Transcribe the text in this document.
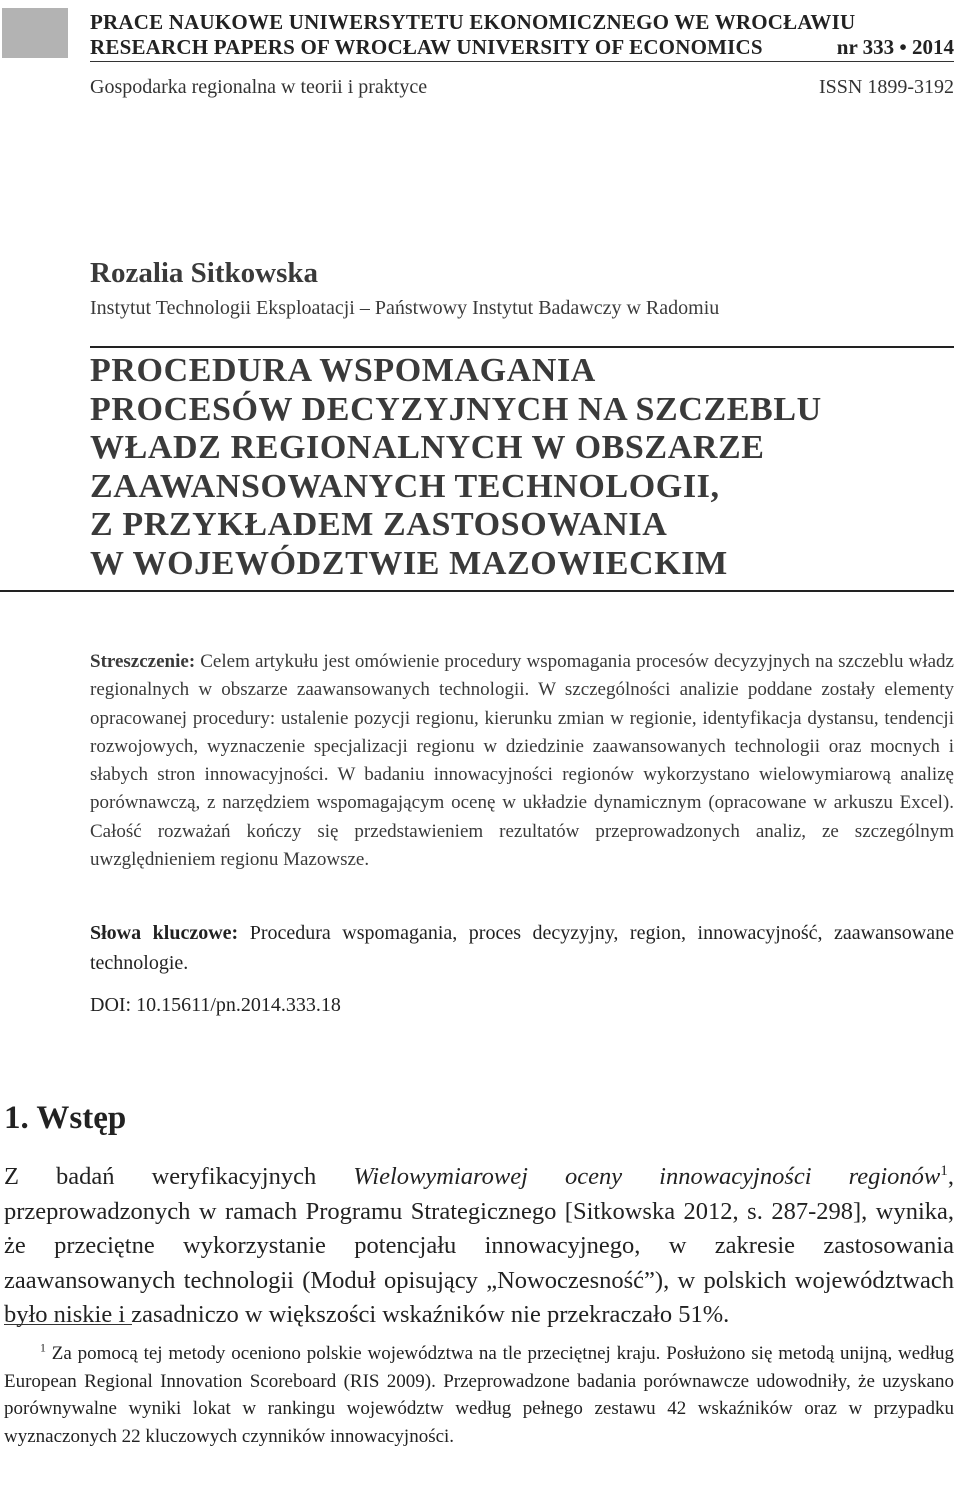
PRACE NAUKOWE UNIWERSYTETU EKONOMICZNEGO WE WROCŁAWIU
RESEARCH PAPERS OF WROCŁAW UNIVERSITY OF ECONOMICS	nr 333 • 2014
Gospodarka regionalna w teorii i praktyce	ISSN 1899-3192
Rozalia Sitkowska
Instytut Technologii Eksploatacji – Państwowy Instytut Badawczy w Radomiu
PROCEDURA WSPOMAGANIA
PROCESÓW DECYZYJNYCH NA SZCZEBLU
WŁADZ REGIONALNYCH W OBSZARZE
ZAAWANSOWANYCH TECHNOLOGII,
Z PRZYKŁADEM ZASTOSOWANIA
W WOJEWÓDZTWIE MAZOWIECKIM

Streszczenie: Celem artykułu jest omówienie procedury wspomagania procesów decyzyjnych na szczeblu władz regionalnych w obszarze zaawansowanych technologii. W szczególności analizie poddane zostały elementy opracowanej procedury: ustalenie pozycji regionu, kierunku zmian w regionie, identyfikacja dystansu, tendencji rozwojowych, wyznaczenie specjalizacji regionu w dziedzinie zaawansowanych technologii oraz mocnych i słabych stron innowacyjności. W badaniu innowacyjności regionów wykorzystano wielowymiarową analizę porównawczą, z narzędziem wspomagającym ocenę w układzie dynamicznym (opracowane w arkuszu Excel). Całość rozważań kończy się przedstawieniem rezultatów przeprowadzonych analiz, ze szczególnym uwzględnieniem regionu Mazowsze.

Słowa kluczowe: Procedura wspomagania, proces decyzyjny, region, innowacyjność, zaawansowane technologie.

DOI: 10.15611/pn.2014.333.18
1. Wstęp

Z badań weryfikacyjnych Wielowymiarowej oceny innowacyjności regionów$^1$, przeprowadzonych w ramach Programu Strategicznego [Sitkowska 2012, s. 287-298], wynika, że przeciętne wykorzystanie potencjału innowacyjnego, w zakresie zastosowania zaawansowanych technologii (Moduł opisujący „Nowoczesność”), w polskich województwach było niskie i zasadniczo w większości wskaźników nie przekraczało 51%.

$^1$ Za pomocą tej metody oceniono polskie województwa na tle przeciętnej kraju. Posłużono się metodą unijną, według European Regional Innovation Scoreboard (RIS 2009). Przeprowadzone badania porównawcze udowodniły, że uzyskano porównywalne wyniki lokat w rankingu województw według pełnego zestawu 42 wskaźników oraz w przypadku wyznaczonych 22 kluczowych czynników innowacyjności.
